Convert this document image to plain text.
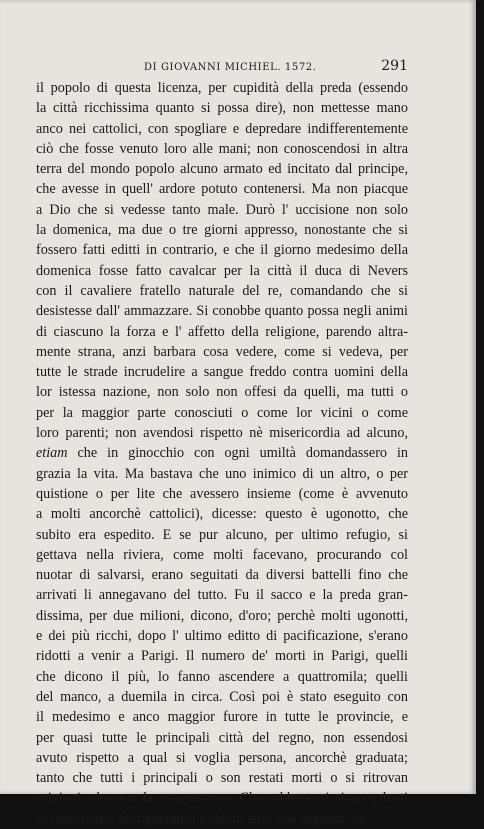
DI GIOVANNI MICHIEL. 1572.	291
il popolo di questa licenza, per cupidità della preda (essendo
la città ricchissima quanto si possa dire), non mettesse mano
anco nei cattolici, con spogliare e depredare indifferentemente
ciò che fosse venuto loro alle mani; non conoscendosi in altra
terra del mondo popolo alcuno armato ed incitato dal principe,
che avesse in quell' ardore potuto contenersi. Ma non piacque
a Dio che si vedesse tanto male. Durò l' uccisione non solo
la domenica, ma due o tre giorni appresso, nonostante che si
fossero fatti editti in contrario, e che il giorno medesimo della
domenica fosse fatto cavalcar per la città il duca di Nevers
con il cavaliere fratello naturale del re, comandando che si
desistesse dall' ammazzare. Si conobbe quanto possa negli animi
di ciascuno la forza e l' affetto della religione, parendo altra-
mente strana, anzi barbara cosa vedere, come si vedeva, per
tutte le strade incrudelire a sangue freddo contra uomini della
lor istessa nazione, non solo non offesi da quelli, ma tutti o
per la maggior parte conosciuti o come lor vicini o come
loro parenti; non avendosi rispetto nè misericordia ad alcuno,
etiam che in ginocchio con ogni umiltà domandassero in
grazia la vita. Ma bastava che uno inimico di un altro, o per
quistione o per lite che avessero insieme (come è avvenuto
a molti ancorchè cattolici), dicesse: questo è ugonotto, che
subito era espedito. E se pur alcuno, per ultimo refugio, si
gettava nella riviera, come molti facevano, procurando col
nuotar di salvarsi, erano seguitati da diversi battelli fino che
arrivati li annegavano del tutto. Fu il sacco e la preda gran-
dissima, per due milioni, dicono, d'oro; perchè molti ugonotti,
e dei più ricchi, dopo l' ultimo editto di pacificazione, s'erano
ridotti a venir a Parigi. Il numero de' morti in Parigi, quelli
che dicono il più, lo fanno ascendere a quattromila; quelli
del manco, a duemila in circa. Così poi è stato eseguito con
il medesimo e anco maggior furore in tutte le provincie, e
per quasi tutte le principali città del regno, non essendosi
avuto rispetto a qual si voglia persona, ancorchè graduata;
tanto che tutti i principali o son restati morti o si ritrovan
prigioni, che non la scapperanno. Che sebbene si siano salvati
in Inghilterra, Mongommeri e alcuni altri, che seguitati da
